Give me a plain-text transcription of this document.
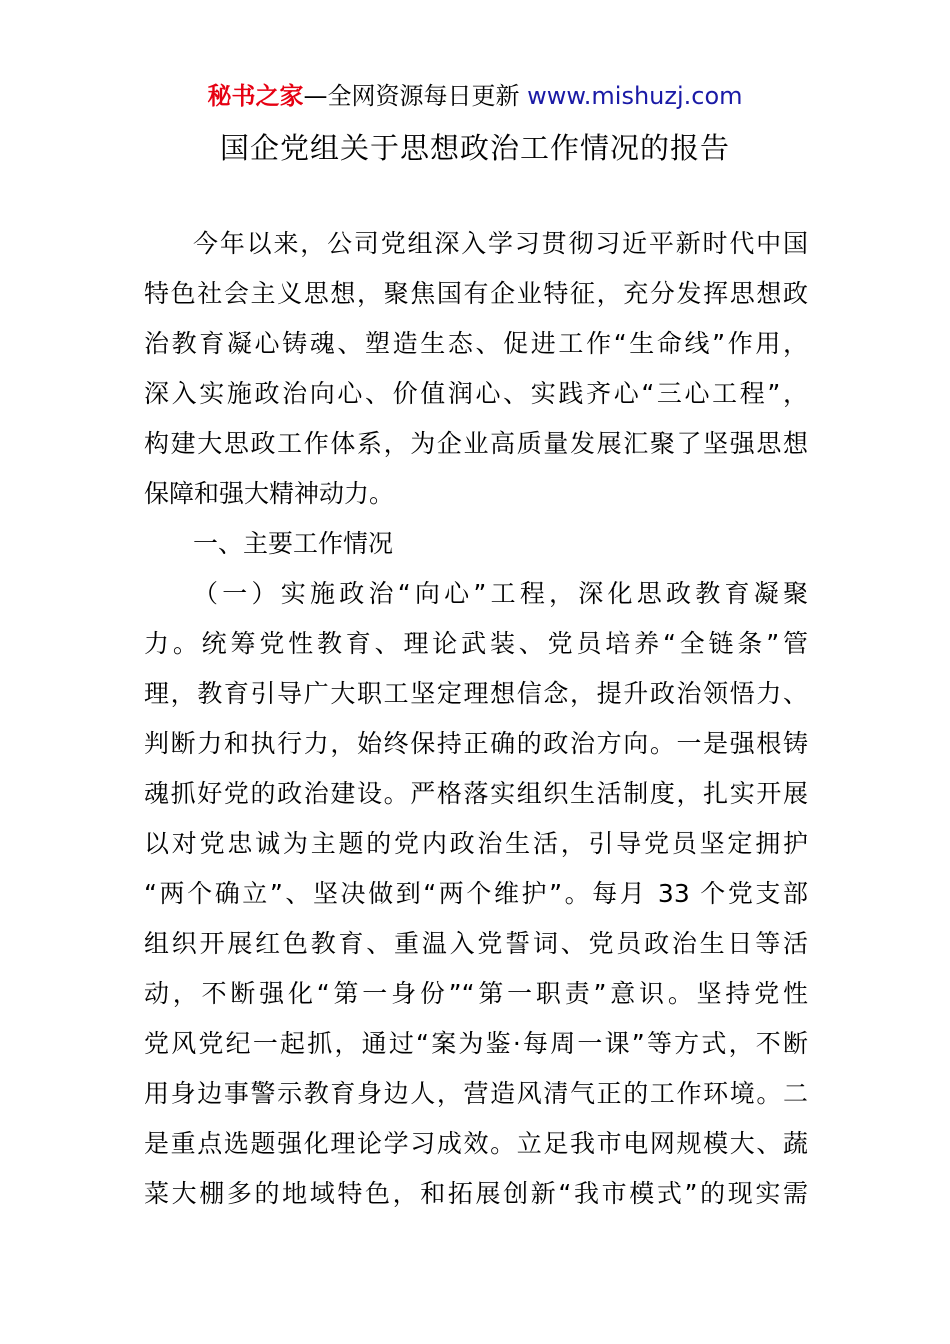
秘书之家—全网资源每日更新 www.mishuzj.com
国企党组关于思想政治工作情况的报告
今年以来，公司党组深入学习贯彻习近平新时代中国
特色社会主义思想，聚焦国有企业特征，充分发挥思想政
治教育凝心铸魂、塑造生态、促进工作“生命线”作用，
深入实施政治向心、价值润心、实践齐心“三心工程”，
构建大思政工作体系，为企业高质量发展汇聚了坚强思想
保障和强大精神动力。
一、主要工作情况
（一）实施政治“向心”工程，深化思政教育凝聚
力。统筹党性教育、理论武装、党员培养“全链条”管
理，教育引导广大职工坚定理想信念，提升政治领悟力、
判断力和执行力，始终保持正确的政治方向。一是强根铸
魂抓好党的政治建设。严格落实组织生活制度，扎实开展
以对党忠诚为主题的党内政治生活，引导党员坚定拥护
“两个确立”、坚决做到“两个维护”。每月 33 个党支部
组织开展红色教育、重温入党誓词、党员政治生日等活
动，不断强化“第一身份”“第一职责”意识。坚持党性
党风党纪一起抓，通过“案为鉴·每周一课”等方式，不断
用身边事警示教育身边人，营造风清气正的工作环境。二
是重点选题强化理论学习成效。立足我市电网规模大、蔬
菜大棚多的地域特色，和拓展创新“我市模式”的现实需
